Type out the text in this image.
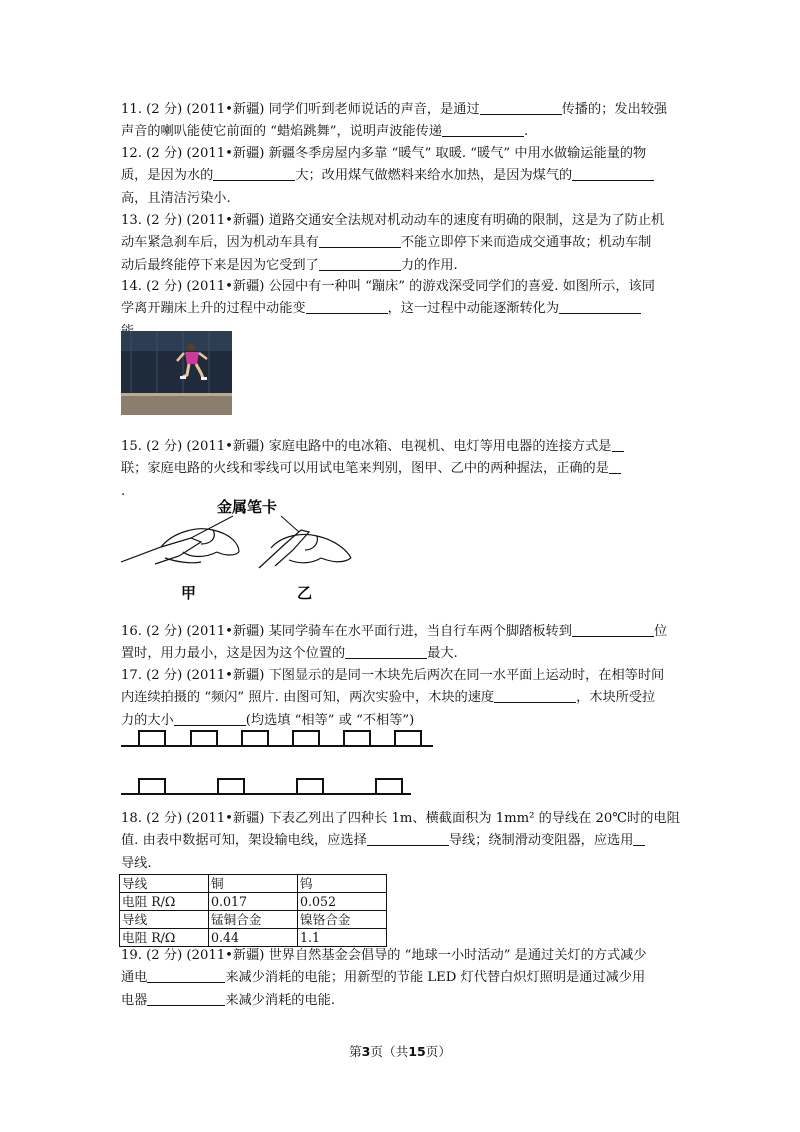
11. (2 分) (2011•新疆) 同学们听到老师说话的声音，是通过	传播的；发出较强
声音的喇叭能使它前面的 “蜡焰跳舞”，说明声波能传递	.
12. (2 分) (2011•新疆) 新疆冬季房屋内多靠 “暖气” 取暖. “暖气” 中用水做输运能量的物
质，是因为水的	大；改用煤气做燃料来给水加热，是因为煤气的
高，且清洁污染小.
13. (2 分) (2011•新疆) 道路交通安全法规对机动动车的速度有明确的限制，这是为了防止机
动车紧急刹车后，因为机动车具有	不能立即停下来而造成交通事故；机动车制
动后最终能停下来是因为它受到了	力的作用.
14. (2 分) (2011•新疆) 公园中有一种叫 “蹦床” 的游戏深受同学们的喜爱. 如图所示，该同
学离开蹦床上升的过程中动能变	，这一过程中动能逐渐转化为
15. (2 分) (2011•新疆) 家庭电路中的电冰箱、电视机、电灯等用电器的连接方式是
联；家庭电路的火线和零线可以用试电笔来判别，图甲、乙中的两种握法，正确的是
.
金属笔卡
甲	乙
16. (2 分) (2011•新疆) 某同学骑车在水平面行进，当自行车两个脚踏板转到	位
置时，用力最小，这是因为这个位置的	最大.
17. (2 分) (2011•新疆) 下图显示的是同一木块先后两次在同一水平面上运动时，在相等时间
内连续拍摄的 “频闪” 照片. 由图可知，两次实验中，木块的速度	，木块所受拉
力的大小	(均选填 “相等” 或 “不相等”)
18. (2 分) (2011•新疆) 下表乙列出了四种长 1m、横截面积为 1mm² 的导线在 20℃时的电阻
值. 由表中数据可知，架设输电线，应选择	导线；绕制滑动变阻器，应选用
导线.
导线	铜	钨
电阻 R/Ω	0.017	0.052
导线	锰铜合金	镍铬合金
电阻 R/Ω	0.44	1.1
19. (2 分) (2011•新疆) 世界自然基金会倡导的 “地球一小时活动” 是通过关灯的方式减少
通电	来减少消耗的电能；用新型的节能 LED 灯代替白炽灯照明是通过减少用
电器	来减少消耗的电能.
第3页（共15页）
